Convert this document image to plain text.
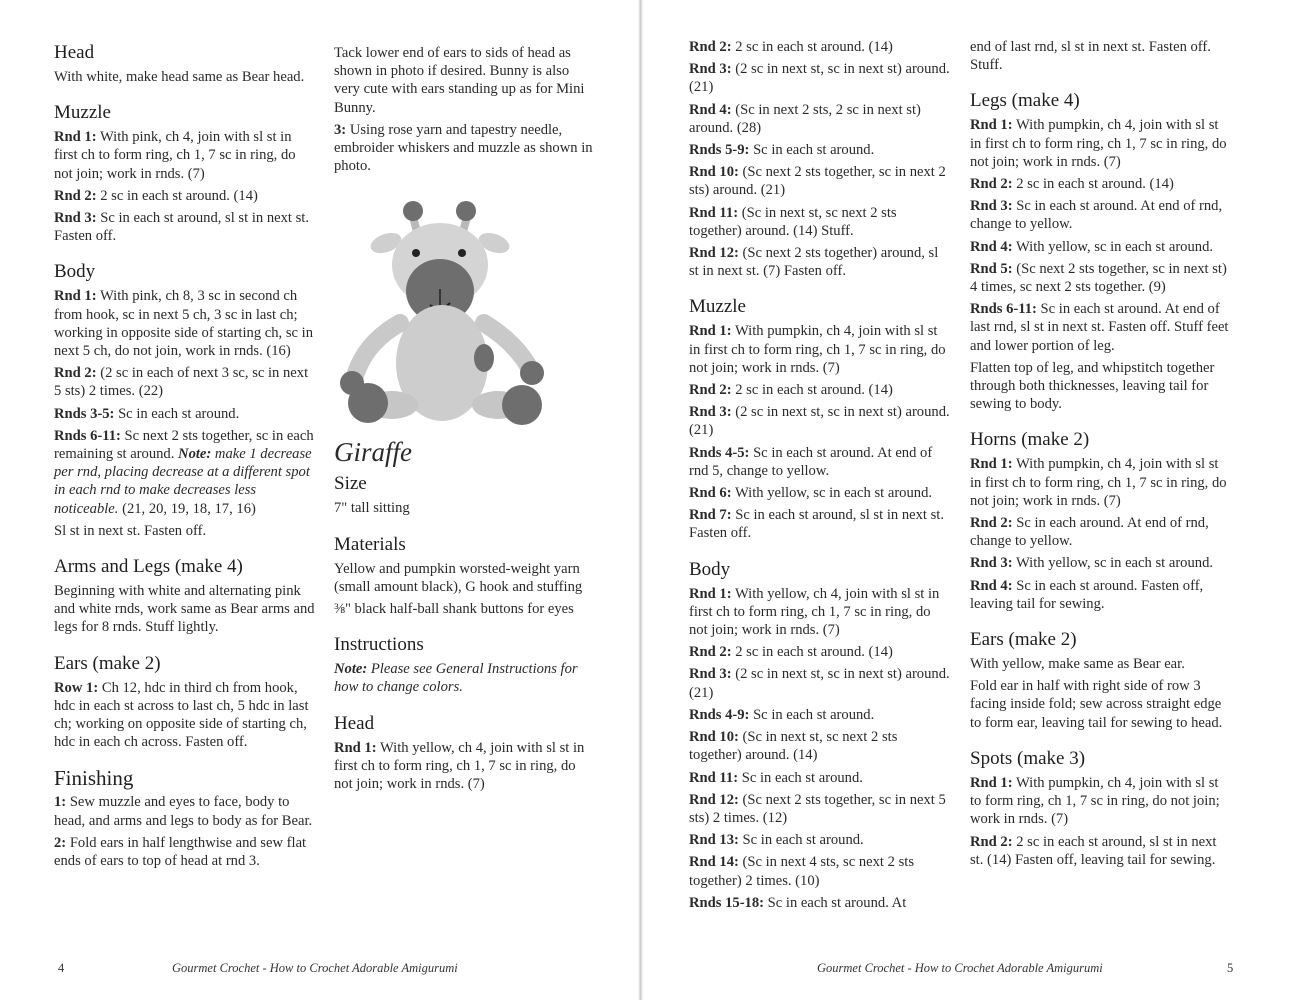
Head

With white, make head same as Bear head.

Muzzle

Rnd 1: With pink, ch 4, join with sl st in first ch to form ring, ch 1, 7 sc in ring, do not join; work in rnds. (7)

Rnd 2: 2 sc in each st around. (14)

Rnd 3: Sc in each st around, sl st in next st. Fasten off.

Body

Rnd 1: With pink, ch 8, 3 sc in second ch from hook, sc in next 5 ch, 3 sc in last ch; working in opposite side of starting ch, sc in next 5 ch, do not join, work in rnds. (16)

Rnd 2: (2 sc in each of next 3 sc, sc in next 5 sts) 2 times. (22)

Rnds 3-5: Sc in each st around.

Rnds 6-11: Sc next 2 sts together, sc in each remaining st around. Note: make 1 decrease per rnd, placing decrease at a different spot in each rnd to make decreases less noticeable. (21, 20, 19, 18, 17, 16)

Sl st in next st. Fasten off.

Arms and Legs (make 4)

Beginning with white and alternating pink and white rnds, work same as Bear arms and legs for 8 rnds. Stuff lightly.

Ears (make 2)

Row 1: Ch 12, hdc in third ch from hook, hdc in each st across to last ch, 5 hdc in last ch; working on opposite side of starting ch, hdc in each ch across. Fasten off.

Finishing

1: Sew muzzle and eyes to face, body to head, and arms and legs to body as for Bear.

2: Fold ears in half lengthwise and sew flat ends of ears to top of head at rnd 3.

Tack lower end of ears to sids of head as shown in photo if desired. Bunny is also very cute with ears standing up as for Mini Bunny.

3: Using rose yarn and tapestry needle, embroider whiskers and muzzle as shown in photo.

Giraffe
Size

7" tall sitting

Materials

Yellow and pumpkin worsted-weight yarn (small amount black), G hook and stuffing

⅜" black half-ball shank buttons for eyes

Instructions

Note: Please see General Instructions for how to change colors.

Head

Rnd 1: With yellow, ch 4, join with sl st in first ch to form ring, ch 1, 7 sc in ring, do not join; work in rnds. (7)

4	Gourmet Crochet - How to Crochet Adorable Amigurumi

Rnd 2: 2 sc in each st around. (14)

Rnd 3: (2 sc in next st, sc in next st) around. (21)

Rnd 4: (Sc in next 2 sts, 2 sc in next st) around. (28)

Rnds 5-9: Sc in each st around.

Rnd 10: (Sc next 2 sts together, sc in next 2 sts) around. (21)

Rnd 11: (Sc in next st, sc next 2 sts together) around. (14) Stuff.

Rnd 12: (Sc next 2 sts together) around, sl st in next st. (7) Fasten off.

Muzzle

Rnd 1: With pumpkin, ch 4, join with sl st in first ch to form ring, ch 1, 7 sc in ring, do not join; work in rnds. (7)

Rnd 2: 2 sc in each st around. (14)

Rnd 3: (2 sc in next st, sc in next st) around. (21)

Rnds 4-5: Sc in each st around. At end of rnd 5, change to yellow.

Rnd 6: With yellow, sc in each st around.

Rnd 7: Sc in each st around, sl st in next st. Fasten off.

Body

Rnd 1: With yellow, ch 4, join with sl st in first ch to form ring, ch 1, 7 sc in ring, do not join; work in rnds. (7)

Rnd 2: 2 sc in each st around. (14)

Rnd 3: (2 sc in next st, sc in next st) around. (21)

Rnds 4-9: Sc in each st around.

Rnd 10: (Sc in next st, sc next 2 sts together) around. (14)

Rnd 11: Sc in each st around.

Rnd 12: (Sc next 2 sts together, sc in next 5 sts) 2 times. (12)

Rnd 13: Sc in each st around.

Rnd 14: (Sc in next 4 sts, sc next 2 sts together) 2 times. (10)

Rnds 15-18: Sc in each st around. At

end of last rnd, sl st in next st. Fasten off. Stuff.

Legs (make 4)

Rnd 1: With pumpkin, ch 4, join with sl st in first ch to form ring, ch 1, 7 sc in ring, do not join; work in rnds. (7)

Rnd 2: 2 sc in each st around. (14)

Rnd 3: Sc in each st around. At end of rnd, change to yellow.

Rnd 4: With yellow, sc in each st around.

Rnd 5: (Sc next 2 sts together, sc in next st) 4 times, sc next 2 sts together. (9)

Rnds 6-11: Sc in each st around. At end of last rnd, sl st in next st. Fasten off. Stuff feet and lower portion of leg.

Flatten top of leg, and whipstitch together through both thicknesses, leaving tail for sewing to body.

Horns (make 2)

Rnd 1: With pumpkin, ch 4, join with sl st in first ch to form ring, ch 1, 7 sc in ring, do not join; work in rnds. (7)

Rnd 2: Sc in each around. At end of rnd, change to yellow.

Rnd 3: With yellow, sc in each st around.

Rnd 4: Sc in each st around. Fasten off, leaving tail for sewing.

Ears (make 2)

With yellow, make same as Bear ear.

Fold ear in half with right side of row 3 facing inside fold; sew across straight edge to form ear, leaving tail for sewing to head.

Spots (make 3)

Rnd 1: With pumpkin, ch 4, join with sl st to form ring, ch 1, 7 sc in ring, do not join; work in rnds. (7)

Rnd 2: 2 sc in each st around, sl st in next st. (14) Fasten off, leaving tail for sewing.

Gourmet Crochet - How to Crochet Adorable Amigurumi	5
